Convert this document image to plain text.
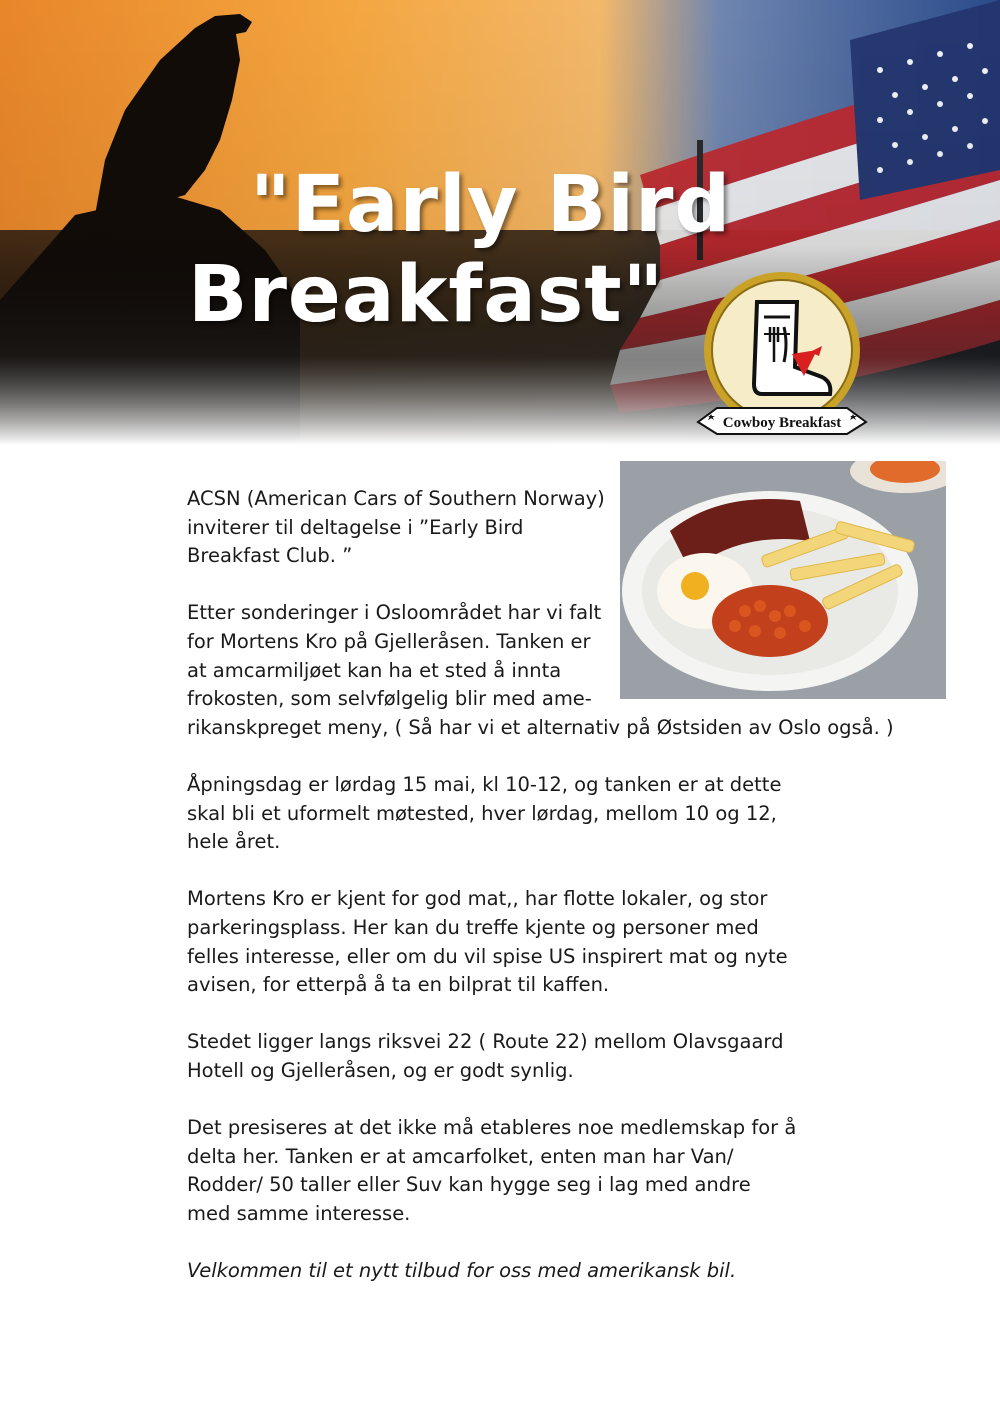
"Early Bird
Breakfast"
Cowboy Breakfast

ACSN (American Cars of Southern Norway) inviterer til deltagelse i ”Early Bird Breakfast Club. ”

Etter sonderinger i Osloområdet har vi falt for Mortens Kro på Gjelleråsen. Tanken er at amcarmiljøet kan ha et sted å innta frokosten, som selvfølgelig blir med ame-

rikanskpreget meny, ( Så har vi et alternativ på Østsiden av Oslo også. )

Åpningsdag er lørdag 15 mai, kl 10-12, og tanken er at dette skal bli et uformelt møtested, hver lørdag, mellom 10 og 12, hele året.

Mortens Kro er kjent for god mat,, har flotte lokaler, og stor parkeringsplass. Her kan du treffe kjente og personer med felles interesse, eller om du vil spise US inspirert mat og nyte avisen, for etterpå å ta en bilprat til kaffen.

Stedet ligger langs riksvei 22 ( Route 22) mellom Olavsgaard Hotell og Gjelleråsen, og er godt synlig.

Det presiseres at det ikke må etableres noe medlemskap for å delta her. Tanken er at amcarfolket, enten man har Van/ Rodder/ 50 taller eller Suv kan hygge seg i lag med andre med samme interesse.

Velkommen til et nytt tilbud for oss med amerikansk bil.
